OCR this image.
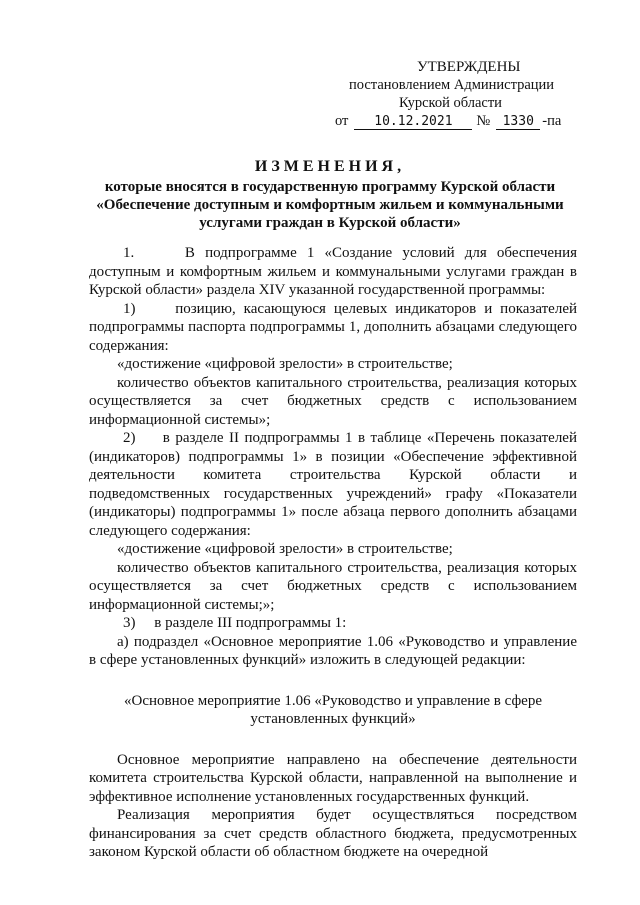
УТВЕРЖДЕНЫ
постановлением Администрации
Курской области
от	10.12.2021	№ 1330 -па
ИЗМЕНЕНИЯ,
которые вносятся в государственную программу Курской области
«Обеспечение доступным и комфортным жильем и коммунальными
услугами граждан в Курской области»

1.     В подпрограмме 1 «Создание условий для обеспечения доступным и комфортным жильем и коммунальными услугами граждан в Курской области» раздела XIV указанной государственной программы:

1)     позицию, касающуюся целевых индикаторов и показателей подпрограммы паспорта подпрограммы 1, дополнить абзацами следующего содержания:

«достижение «цифровой зрелости» в строительстве;

количество объектов капитального строительства, реализация которых осуществляется за счет бюджетных средств с использованием информационной системы»;

2)     в разделе II подпрограммы 1 в таблице «Перечень показателей (индикаторов) подпрограммы 1» в позиции «Обеспечение эффективной деятельности комитета строительства Курской области и подведомственных государственных учреждений» графу «Показатели (индикаторы) подпрограммы 1» после абзаца первого дополнить абзацами следующего содержания:

«достижение «цифровой зрелости» в строительстве;

количество объектов капитального строительства, реализация которых осуществляется за счет бюджетных средств с использованием информационной системы;»;

3)     в разделе III подпрограммы 1:

а) подраздел «Основное мероприятие 1.06 «Руководство и управление в сфере установленных функций» изложить в следующей редакции:

«Основное мероприятие 1.06 «Руководство и управление в сфере

установленных функций»

Основное мероприятие направлено на обеспечение деятельности комитета строительства Курской области, направленной на выполнение и эффективное исполнение установленных государственных функций.

Реализация мероприятия будет осуществляться посредством финансирования за счет средств областного бюджета, предусмотренных законом Курской области об областном бюджете на очередной
